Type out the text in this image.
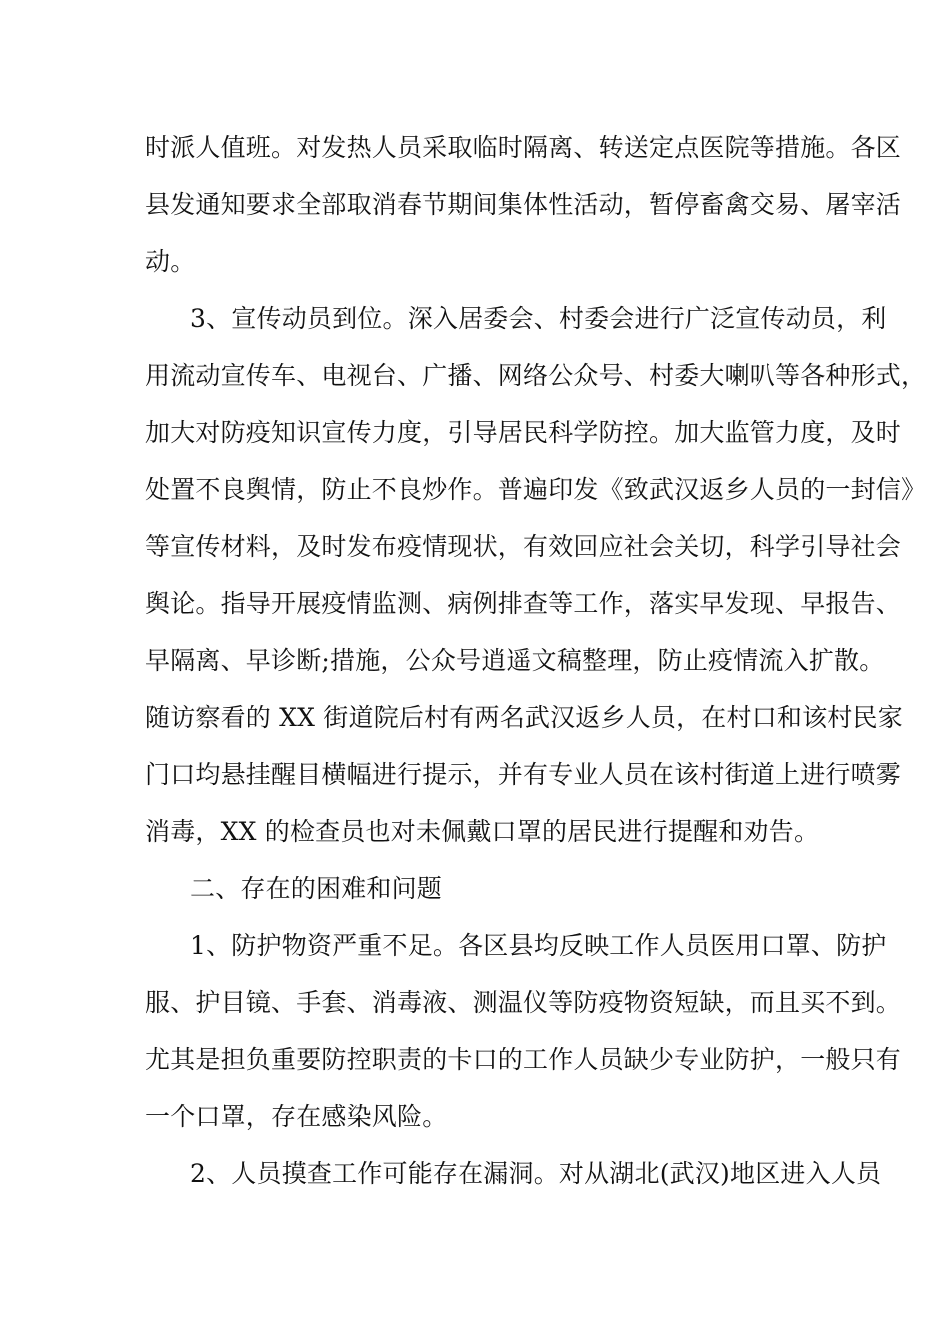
时派人值班。对发热人员采取临时隔离、转送定点医院等措施。各区
县发通知要求全部取消春节期间集体性活动，暂停畜禽交易、屠宰活
动。
3、宣传动员到位。深入居委会、村委会进行广泛宣传动员，利
用流动宣传车、电视台、广播、网络公众号、村委大喇叭等各种形式，
加大对防疫知识宣传力度，引导居民科学防控。加大监管力度，及时
处置不良舆情，防止不良炒作。普遍印发《致武汉返乡人员的一封信》
等宣传材料，及时发布疫情现状，有效回应社会关切，科学引导社会
舆论。指导开展疫情监测、病例排查等工作，落实早发现、早报告、
早隔离、早诊断;措施，公众号逍遥文稿整理，防止疫情流入扩散。
随访察看的 XX 街道院后村有两名武汉返乡人员，在村口和该村民家
门口均悬挂醒目横幅进行提示，并有专业人员在该村街道上进行喷雾
消毒，XX 的检查员也对未佩戴口罩的居民进行提醒和劝告。
二、存在的困难和问题
1、防护物资严重不足。各区县均反映工作人员医用口罩、防护
服、护目镜、手套、消毒液、测温仪等防疫物资短缺，而且买不到。
尤其是担负重要防控职责的卡口的工作人员缺少专业防护，一般只有
一个口罩，存在感染风险。
2、人员摸查工作可能存在漏洞。对从湖北(武汉)地区进入人员
